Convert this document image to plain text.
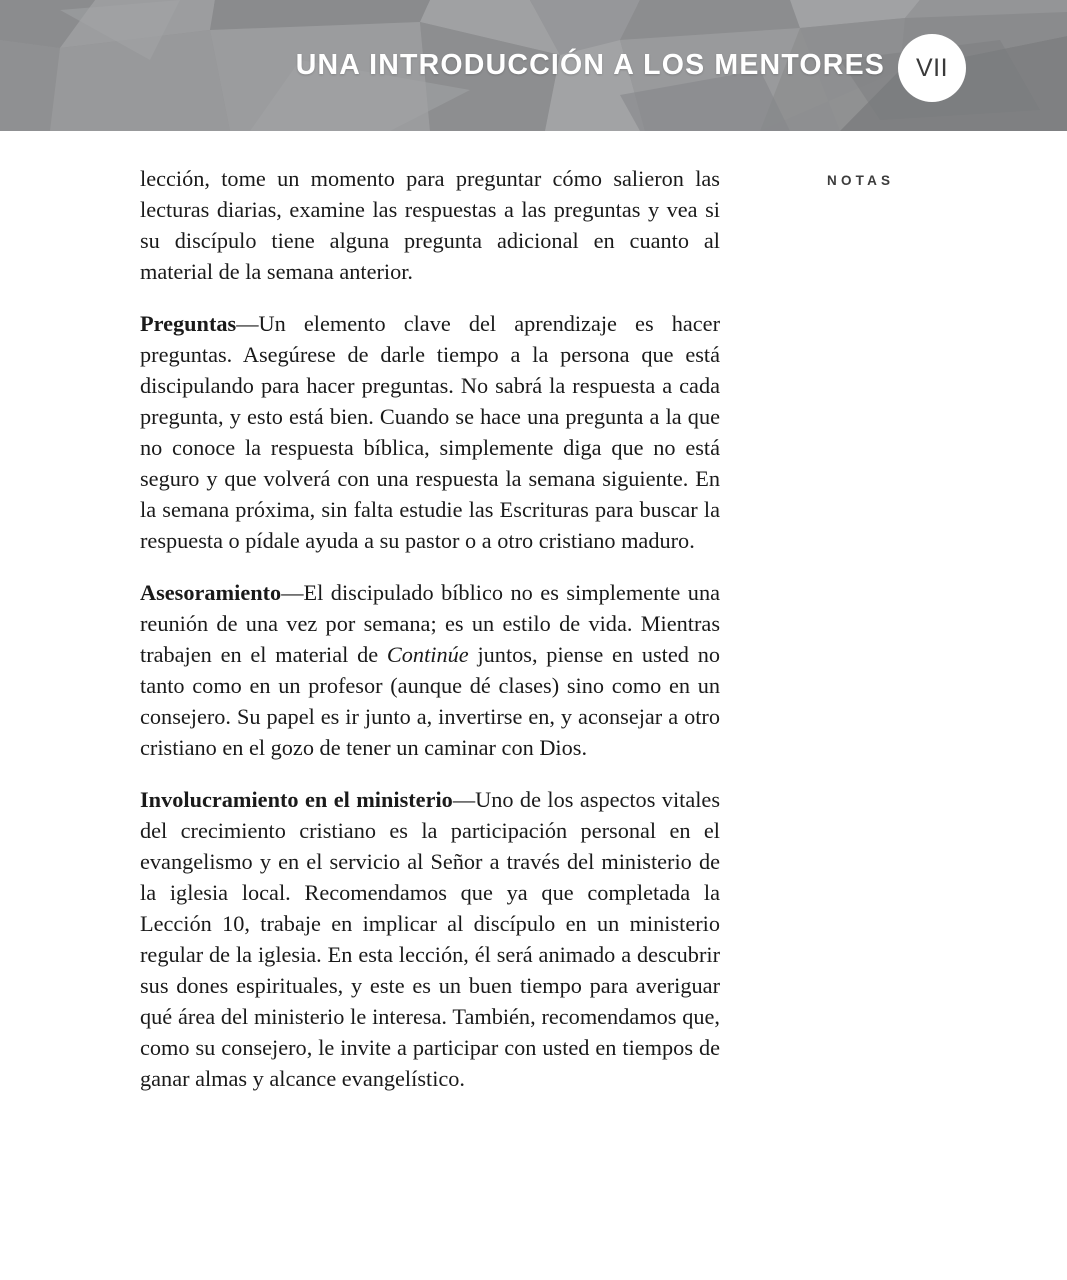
UNA INTRODUCCIÓN A LOS MENTORES VII
NOTAS

lección, tome un momento para preguntar cómo salieron las lecturas diarias, examine las respuestas a las preguntas y vea si su discípulo tiene alguna pregunta adicional en cuanto al material de la semana anterior.

Preguntas—Un elemento clave del aprendizaje es hacer preguntas. Asegúrese de darle tiempo a la persona que está discipulando para hacer preguntas. No sabrá la respuesta a cada pregunta, y esto está bien. Cuando se hace una pregunta a la que no conoce la respuesta bíblica, simplemente diga que no está seguro y que volverá con una respuesta la semana siguiente. En la semana próxima, sin falta estudie las Escrituras para buscar la respuesta o pídale ayuda a su pastor o a otro cristiano maduro.

Asesoramiento—El discipulado bíblico no es simplemente una reunión de una vez por semana; es un estilo de vida. Mientras trabajen en el material de Continúe juntos, piense en usted no tanto como en un profesor (aunque dé clases) sino como en un consejero. Su papel es ir junto a, invertirse en, y aconsejar a otro cristiano en el gozo de tener un caminar con Dios.

Involucramiento en el ministerio—Uno de los aspectos vitales del crecimiento cristiano es la participación personal en el evangelismo y en el servicio al Señor a través del ministerio de la iglesia local. Recomendamos que ya que completada la Lección 10, trabaje en implicar al discípulo en un ministerio regular de la iglesia. En esta lección, él será animado a descubrir sus dones espirituales, y este es un buen tiempo para averiguar qué área del ministerio le interesa. También, recomendamos que, como su consejero, le invite a participar con usted en tiempos de ganar almas y alcance evangelístico.
